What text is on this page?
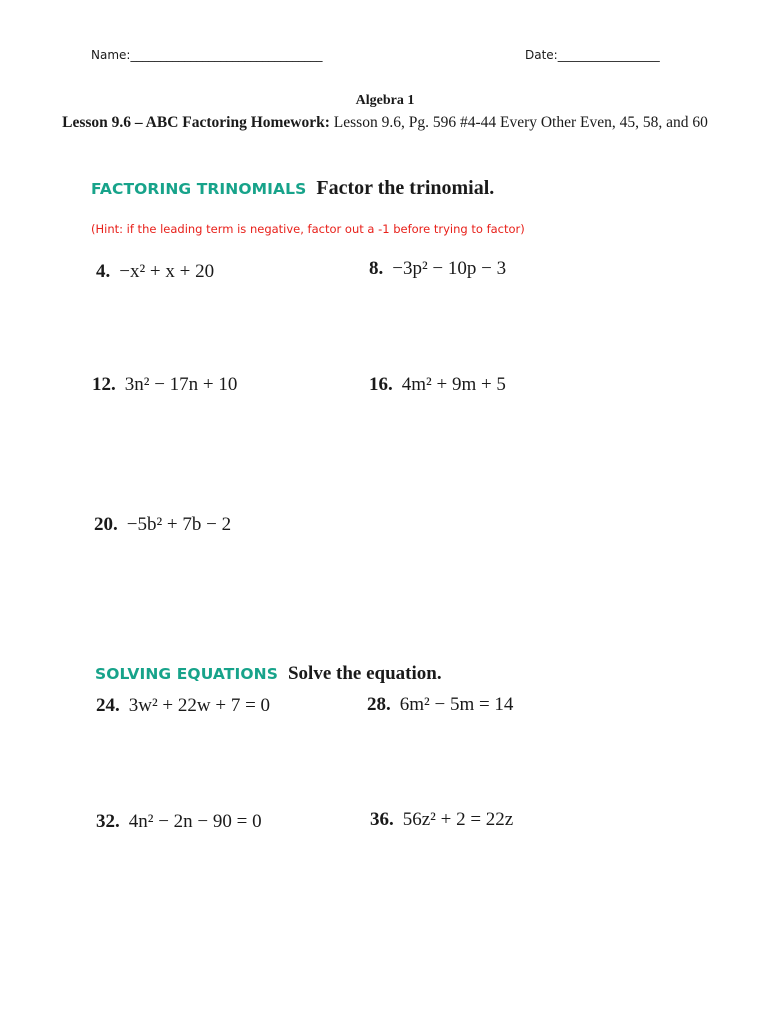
Name:________________________________	Date:_________________
Algebra 1
Lesson 9.6 – ABC Factoring Homework: Lesson 9.6, Pg. 596 #4-44 Every Other Even, 45, 58, and 60
FACTORING TRINOMIALS Factor the trinomial.
(Hint: if the leading term is negative, factor out a -1 before trying to factor)
4. −x² + x + 20	8. −3p² − 10p − 3
12. 3n² − 17n + 10	16. 4m² + 9m + 5
20. −5b² + 7b − 2
SOLVING EQUATIONS Solve the equation.
24. 3w² + 22w + 7 = 0	28. 6m² − 5m = 14
32. 4n² − 2n − 90 = 0	36. 56z² + 2 = 22z
